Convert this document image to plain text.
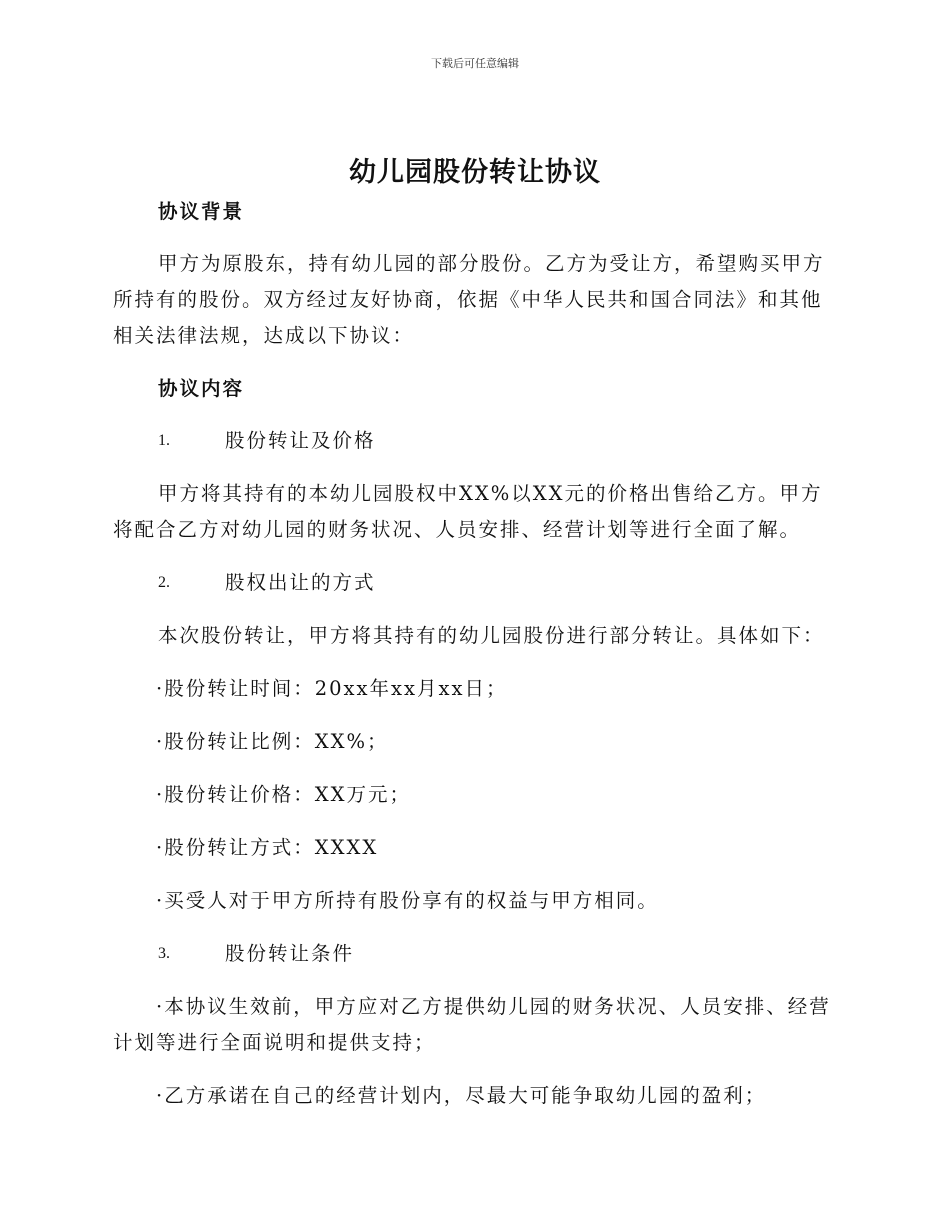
下载后可任意编辑
幼儿园股份转让协议
协议背景

甲方为原股东，持有幼儿园的部分股份。乙方为受让方，希望购买甲方所持有的股份。双方经过友好协商，依据《中华人民共和国合同法》和其他相关法律法规，达成以下协议：

协议内容
1.	股份转让及价格

甲方将其持有的本幼儿园股权中XX%以XX元的价格出售给乙方。甲方将配合乙方对幼儿园的财务状况、人员安排、经营计划等进行全面了解。

2.	股权出让的方式

本次股份转让，甲方将其持有的幼儿园股份进行部分转让。具体如下：

· 股份转让时间：20xx年xx月xx日；
· 股份转让比例：XX%；
· 股份转让价格：XX万元；
· 股份转让方式：XXXX
· 买受人对于甲方所持有股份享有的权益与甲方相同。
3.	股份转让条件
· 本协议生效前，甲方应对乙方提供幼儿园的财务状况、人员安排、经营计划等进行全面说明和提供支持；
· 乙方承诺在自己的经营计划内，尽最大可能争取幼儿园的盈利；
